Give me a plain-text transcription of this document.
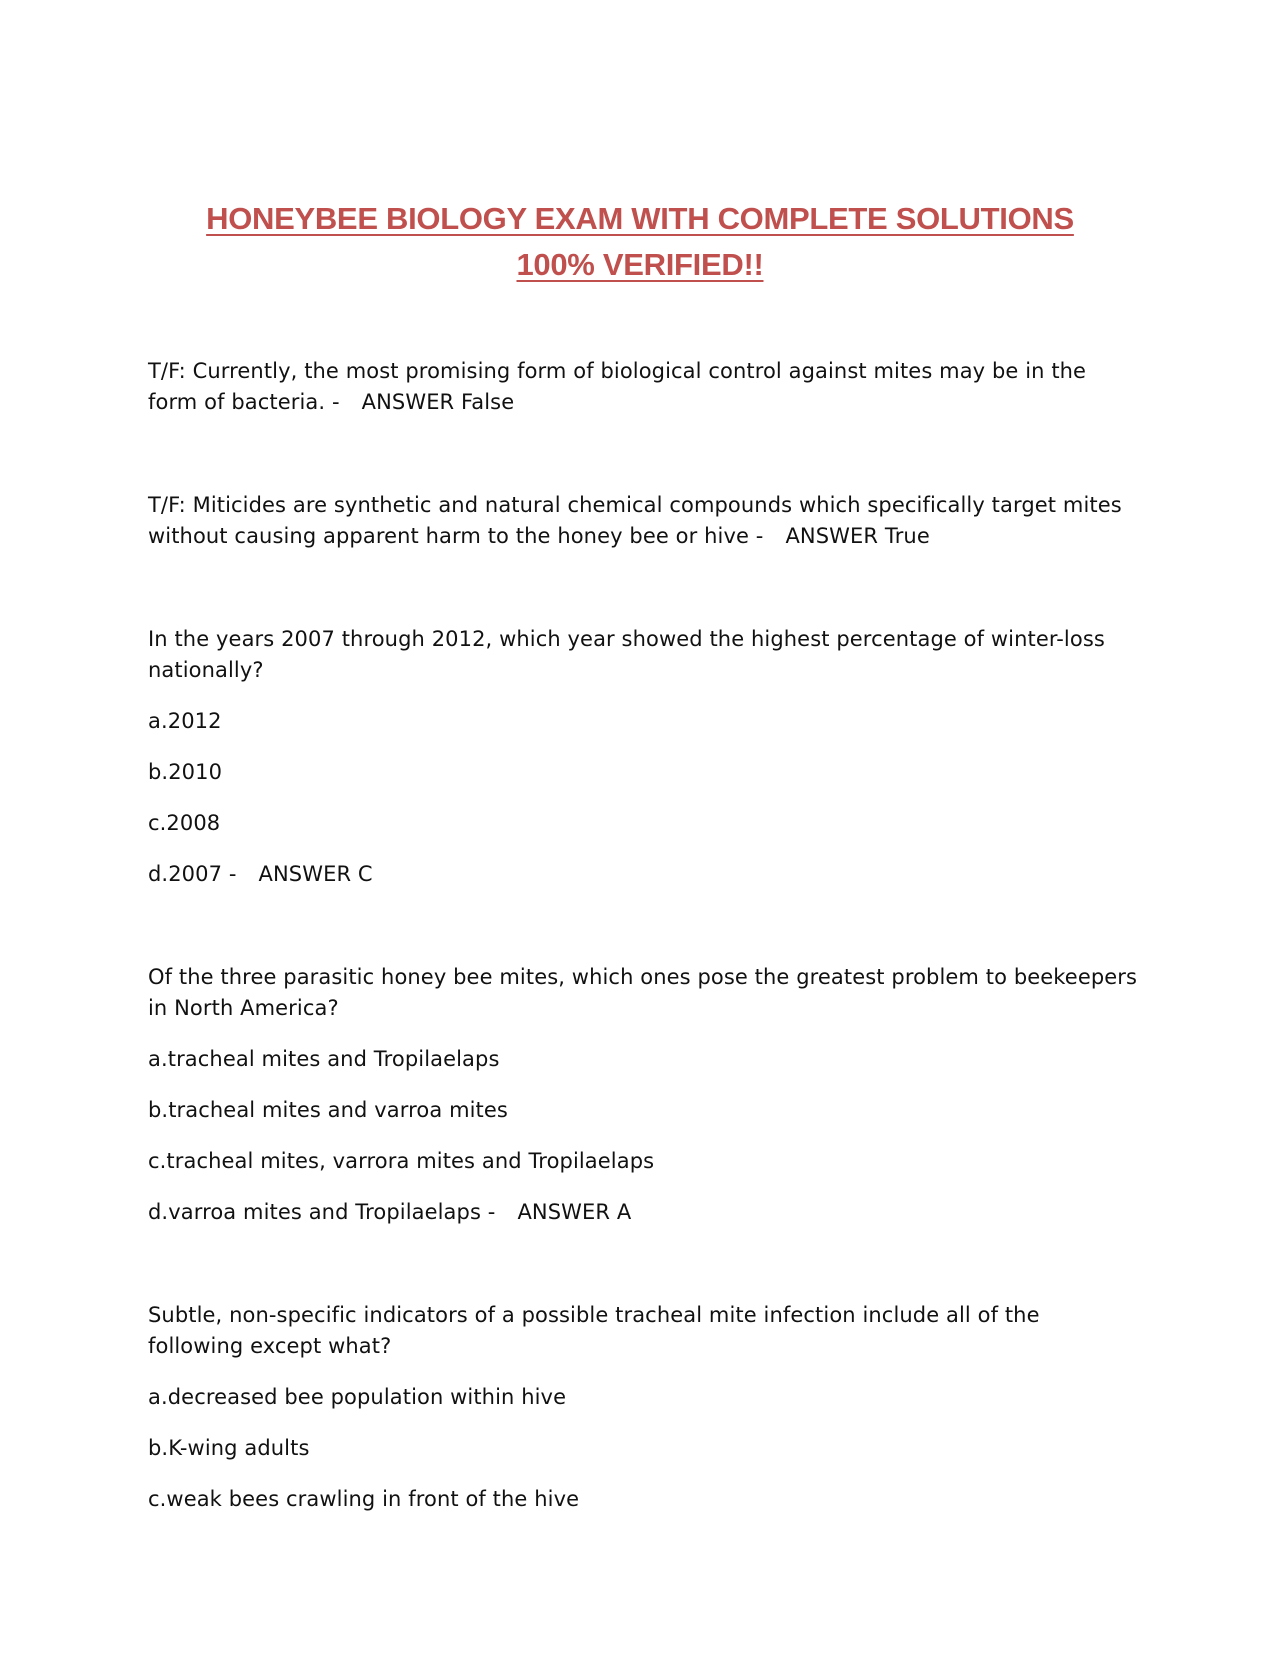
HONEYBEE BIOLOGY EXAM WITH COMPLETE SOLUTIONS
100% VERIFIED!!

T/F: Currently, the most promising form of biological control against mites may be in the form of bacteria. - ANSWER False

T/F: Miticides are synthetic and natural chemical compounds which specifically target mites without causing apparent harm to the honey bee or hive - ANSWER True

In the years 2007 through 2012, which year showed the highest percentage of winter-loss nationally?

a.2012
b.2010
c.2008
d.2007 - ANSWER C

Of the three parasitic honey bee mites, which ones pose the greatest problem to beekeepers in North America?

a.tracheal mites and Tropilaelaps
b.tracheal mites and varroa mites
c.tracheal mites, varrora mites and Tropilaelaps
d.varroa mites and Tropilaelaps - ANSWER A

Subtle, non-specific indicators of a possible tracheal mite infection include all of the following except what?

a.decreased bee population within hive
b.K-wing adults
c.weak bees crawling in front of the hive
